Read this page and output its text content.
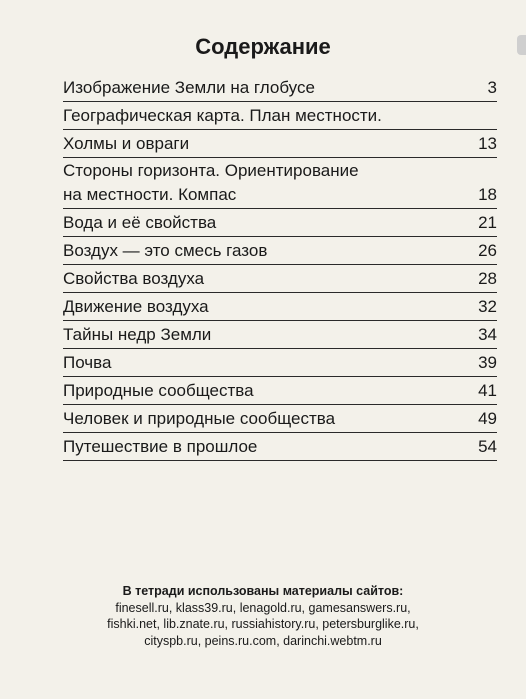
Содержание
Изображение Земли на глобусе	3
Географическая карта. План местности.
Холмы и овраги	13
Стороны горизонта. Ориентирование
на местности. Компас	18
Вода и её свойства	21
Воздух — это смесь газов	26
Свойства воздуха	28
Движение воздуха	32
Тайны недр Земли	34
Почва	39
Природные сообщества	41
Человек и природные сообщества	49
Путешествие в прошлое	54
В тетради использованы материалы сайтов:
finesell.ru, klass39.ru, lenagold.ru, gamesanswers.ru,
fishki.net, lib.znate.ru, russiahistory.ru, petersburglike.ru,
cityspb.ru, peins.ru.com, darinchi.webtm.ru
